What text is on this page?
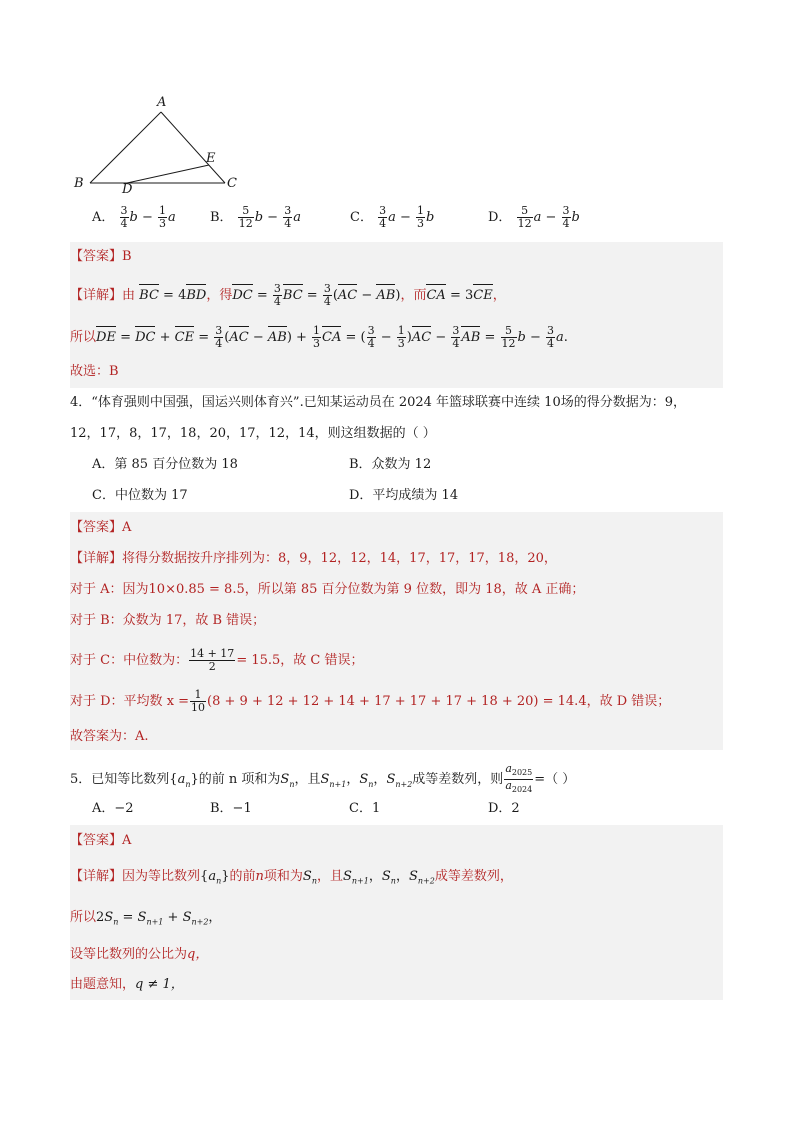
A
E
B	D	C
A． $\frac{3}{4}$ $b - \frac{1}{3}$ a	B． $\frac{5}{12}$ $b - \frac{3}{4}$ a	C． $\frac{3}{4}$ $a - \frac{1}{3}$ b	D． $\frac{5}{12}$ $a - \frac{3}{4}$ b
【答案】B
【详解】由 BC = 4BD，得DC = $\frac{3}{4}$ BC = $\frac{3}{4} (AC - AB)$，而CA = 3CE，
所以DE = DC + CE = $\frac{3}{4} (AC - AB) + \frac{1}{3}$ CA = ( $\frac{3}{4} - \frac{1}{3} )AC - \frac{3}{4}$ AB = $\frac{5}{12}$ $b - \frac{3}{4} a$.
故选：B
4．“体育强则中国强，国运兴则体育兴”.已知某运动员在 2024 年篮球联赛中连续 10场的得分数据为：9，
12，17，8，17，18，20，17，12，14，则这组数据的（ ）
A．第 85 百分位数为 18	B．众数为 12
C．中位数为 17	D．平均成绩为 14
【答案】A
【详解】将得分数据按升序排列为：8，9，12，12，14，17，17，17，18，20，
对于 A：因为10×0.85 = 8.5，所以第 85 百分位数为第 9 位数，即为 18，故 A 正确；
对于 B：众数为 17，故 B 错误；
对于 C：中位数为： $\frac{14 + 17}{2} = 15.5$，故 C 错误；
对于 D：平均数 $x = \frac{1}{10} (8 + 9 + 12 + 12 + 14 + 17 + 17 + 17 + 18 + 20) = 14.4$，故 D 错误；
故答案为：A.
5．已知等比数列$\{a_n\}$的前 n 项和为$S_n$，且$S_{n+1}$，$S_n$，$S_{n+2}$成等差数列，则 $\frac{a_{2025}}{a_{2024}}$ =（ ）
A．−2	B．−1	C．1	D．2
【答案】A
【详解】因为等比数列$\{a_n\}$的前n项和为$S_n$，且$S_{n+1}$，$S_n$，$S_{n+2}$成等差数列，
所以$2S_n = S_{n+1} + S_{n+2}$，
设等比数列的公比为q，
由题意知，q ≠ 1，
